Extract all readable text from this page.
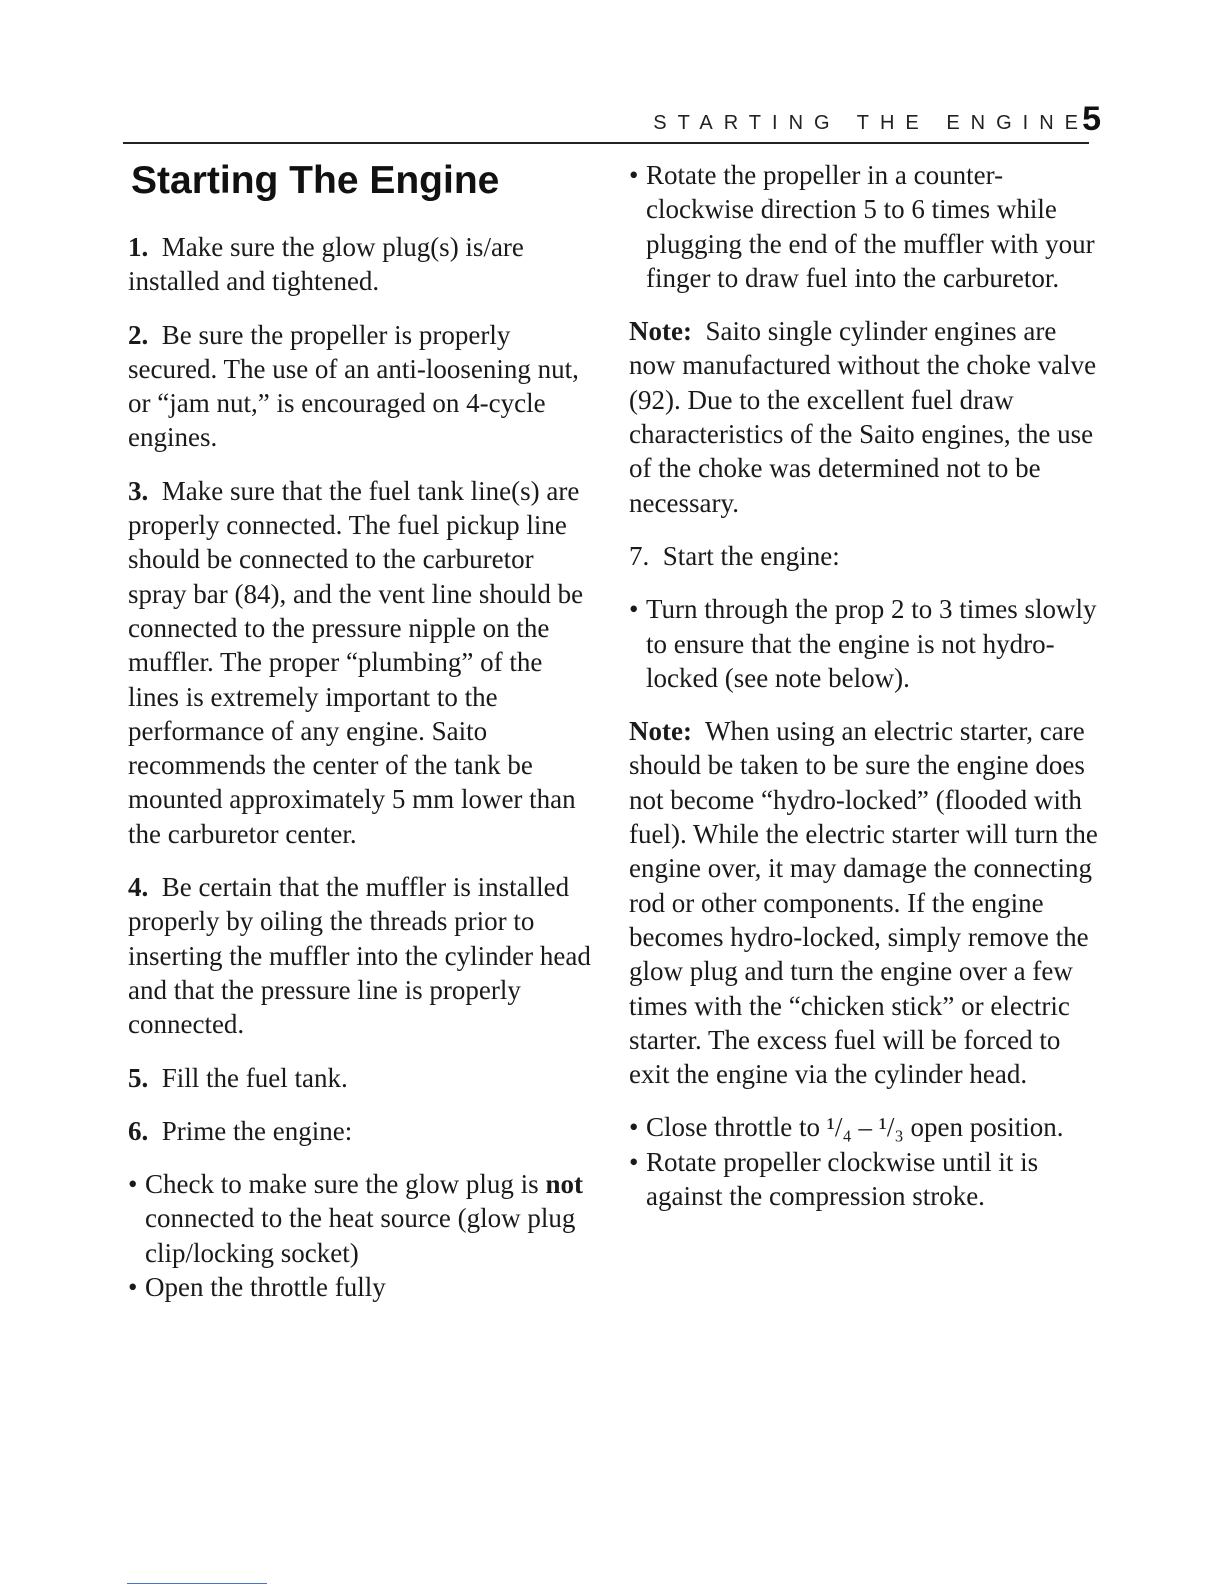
STARTING THE ENGINE
5
Starting The Engine

1. Make sure the glow plug(s) is/are installed and tightened.

2. Be sure the propeller is properly secured. The use of an anti-loosening nut, or “jam nut,” is encouraged on 4-cycle engines.

3. Make sure that the fuel tank line(s) are properly connected. The fuel pickup line should be connected to the carburetor spray bar (84), and the vent line should be connected to the pressure nipple on the muffler. The proper “plumbing” of the lines is extremely important to the performance of any engine. Saito recommends the center of the tank be mounted approximately 5 mm lower than the carburetor center.

4. Be certain that the muffler is installed properly by oiling the threads prior to inserting the muffler into the cylinder head and that the pressure line is properly connected.

5. Fill the fuel tank.

6. Prime the engine:

• Check to make sure the glow plug is not connected to the heat source (glow plug clip/locking socket)
• Open the throttle fully
• Rotate the propeller in a counter-clockwise direction 5 to 6 times while plugging the end of the muffler with your finger to draw fuel into the carburetor.

Note: Saito single cylinder engines are now manufactured without the choke valve (92). Due to the excellent fuel draw characteristics of the Saito engines, the use of the choke was determined not to be necessary.

7. Start the engine:

• Turn through the prop 2 to 3 times slowly to ensure that the engine is not hydro-locked (see note below).

Note: When using an electric starter, care should be taken to be sure the engine does not become “hydro-locked” (flooded with fuel). While the electric starter will turn the engine over, it may damage the connecting rod or other components. If the engine becomes hydro-locked, simply remove the glow plug and turn the engine over a few times with the “chicken stick” or electric starter. The excess fuel will be forced to exit the engine via the cylinder head.

• Close throttle to ¹/₄ – ¹/₃ open position.
• Rotate propeller clockwise until it is against the compression stroke.
